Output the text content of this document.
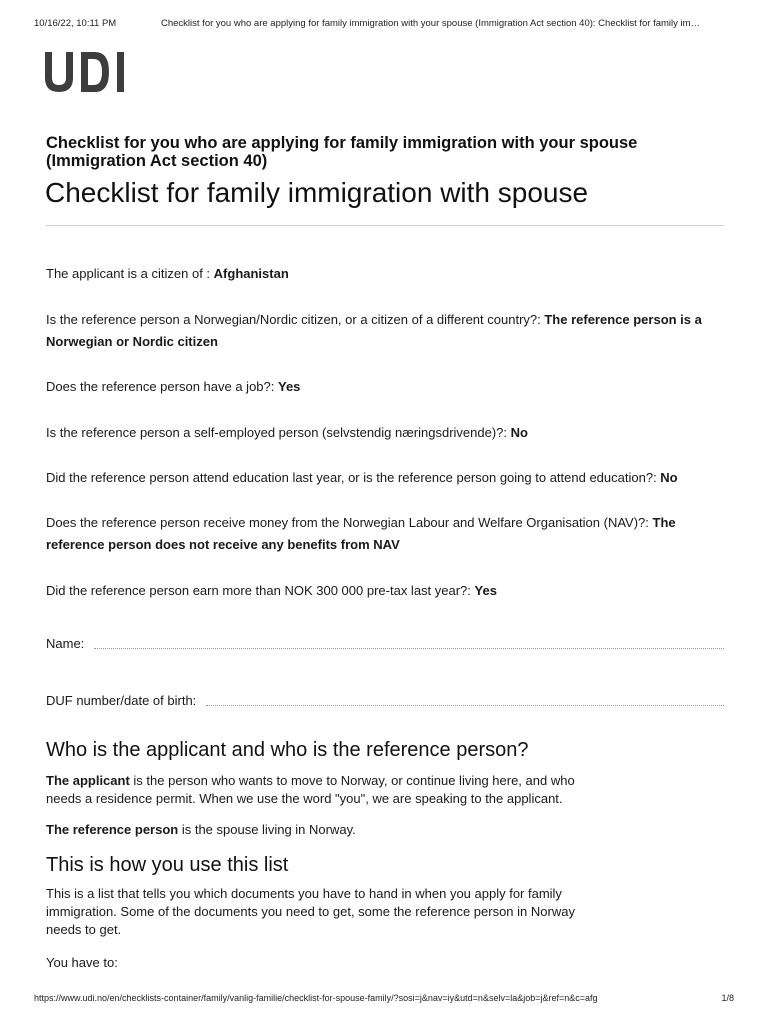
10/16/22, 10:11 PM	Checklist for you who are applying for family immigration with your spouse (Immigration Act section 40): Checklist for family im…
Checklist for you who are applying for family immigration with your spouse (Immigration Act section 40)
Checklist for family immigration with spouse
The applicant is a citizen of : Afghanistan
Is the reference person a Norwegian/Nordic citizen, or a citizen of a different country?: The reference person is a Norwegian or Nordic citizen
Does the reference person have a job?: Yes
Is the reference person a self-employed person (selvstendig næringsdrivende)?: No
Did the reference person attend education last year, or is the reference person going to attend education?: No
Does the reference person receive money from the Norwegian Labour and Welfare Organisation (NAV)?: The reference person does not receive any benefits from NAV
Did the reference person earn more than NOK 300 000 pre-tax last year?: Yes
Name:
DUF number/date of birth:
Who is the applicant and who is the reference person?

The applicant is the person who wants to move to Norway, or continue living here, and who needs a residence permit. When we use the word "you", we are speaking to the applicant.

The reference person is the spouse living in Norway.

This is how you use this list

This is a list that tells you which documents you have to hand in when you apply for family immigration. Some of the documents you need to get, some the reference person in Norway needs to get.

You have to:

https://www.udi.no/en/checklists-container/family/vanlig-familie/checklist-for-spouse-family/?sosi=j&nav=iy&utd=n&selv=la&job=j&ref=n&c=afg	1/8
